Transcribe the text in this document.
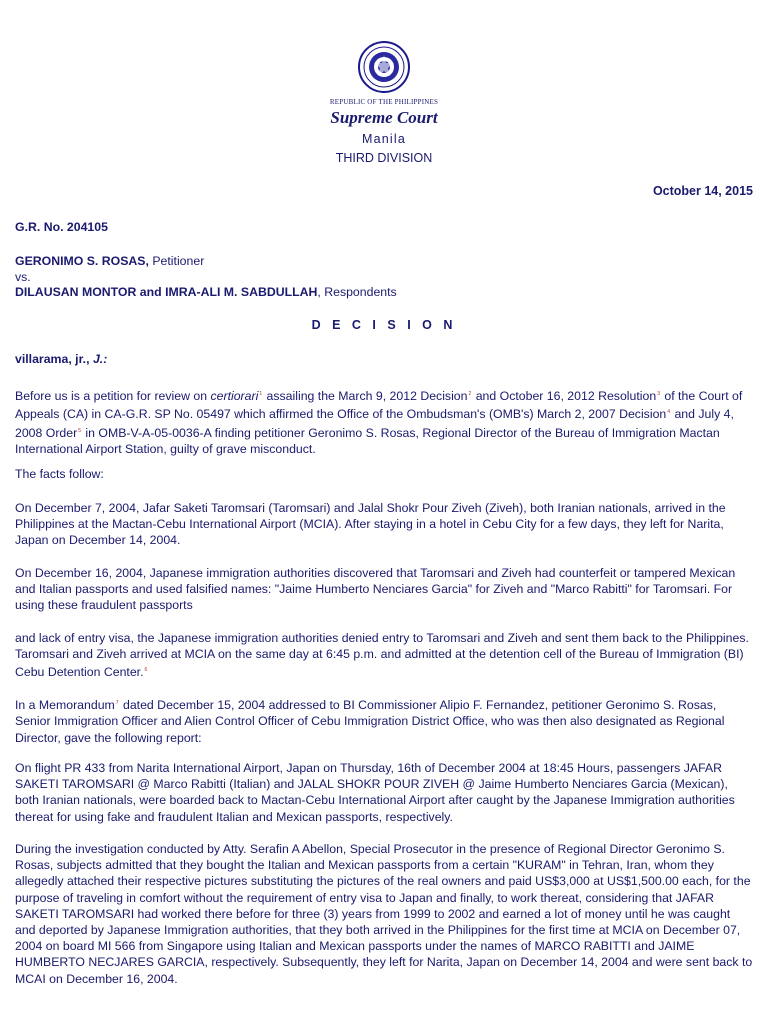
REPUBLIC OF THE PHILIPPINES
Supreme Court
Manila
THIRD DIVISION
October 14, 2015
G.R. No. 204105
GERONIMO S. ROSAS, Petitioner
vs.
DILAUSAN MONTOR and IMRA-ALI M. SABDULLAH, Respondents
D E C I S I O N
villarama, jr., J.:

Before us is a petition for review on certiorari$^1$ assailing the March 9, 2012 Decision$^2$ and October 16, 2012 Resolution$^3$ of the Court of Appeals (CA) in CA-G.R. SP No. 05497 which affirmed the Office of the Ombudsman's (OMB's) March 2, 2007 Decision$^4$ and July 4, 2008 Order$^5$ in OMB-V-A-05-0036-A finding petitioner Geronimo S. Rosas, Regional Director of the Bureau of Immigration Mactan International Airport Station, guilty of grave misconduct.

The facts follow:

On December 7, 2004, Jafar Saketi Taromsari (Taromsari) and Jalal Shokr Pour Ziveh (Ziveh), both Iranian nationals, arrived in the Philippines at the Mactan-Cebu International Airport (MCIA). After staying in a hotel in Cebu City for a few days, they left for Narita, Japan on December 14, 2004.

On December 16, 2004, Japanese immigration authorities discovered that Taromsari and Ziveh had counterfeit or tampered Mexican and Italian passports and used falsified names: "Jaime Humberto Nenciares Garcia" for Ziveh and "Marco Rabitti" for Taromsari. For using these fraudulent passports

and lack of entry visa, the Japanese immigration authorities denied entry to Taromsari and Ziveh and sent them back to the Philippines. Taromsari and Ziveh arrived at MCIA on the same day at 6:45 p.m. and admitted at the detention cell of the Bureau of Immigration (BI) Cebu Detention Center.$^6$

In a Memorandum$^7$ dated December 15, 2004 addressed to BI Commissioner Alipio F. Fernandez, petitioner Geronimo S. Rosas, Senior Immigration Officer and Alien Control Officer of Cebu Immigration District Office, who was then also designated as Regional Director, gave the following report:

On flight PR 433 from Narita International Airport, Japan on Thursday, 16th of December 2004 at 18:45 Hours, passengers JAFAR SAKETI TAROMSARI @ Marco Rabitti (Italian) and JALAL SHOKR POUR ZIVEH @ Jaime Humberto Nenciares Garcia (Mexican), both Iranian nationals, were boarded back to Mactan-Cebu International Airport after caught by the Japanese Immigration authorities thereat for using fake and fraudulent Italian and Mexican passports, respectively.

During the investigation conducted by Atty. Serafin A Abellon, Special Prosecutor in the presence of Regional Director Geronimo S. Rosas, subjects admitted that they bought the Italian and Mexican passports from a certain "KURAM" in Tehran, Iran, whom they allegedly attached their respective pictures substituting the pictures of the real owners and paid US$3,000 at US$1,500.00 each, for the purpose of traveling in comfort without the requirement of entry visa to Japan and finally, to work thereat, considering that JAFAR SAKETI TAROMSARI had worked there before for three (3) years from 1999 to 2002 and earned a lot of money until he was caught and deported by Japanese Immigration authorities, that they both arrived in the Philippines for the first time at MCIA on December 07, 2004 on board MI 566 from Singapore using Italian and Mexican passports under the names of MARCO RABITTI and JAIME HUMBERTO NECJARES GARCIA, respectively. Subsequently, they left for Narita, Japan on December 14, 2004 and were sent back to MCAI on December 16, 2004.
